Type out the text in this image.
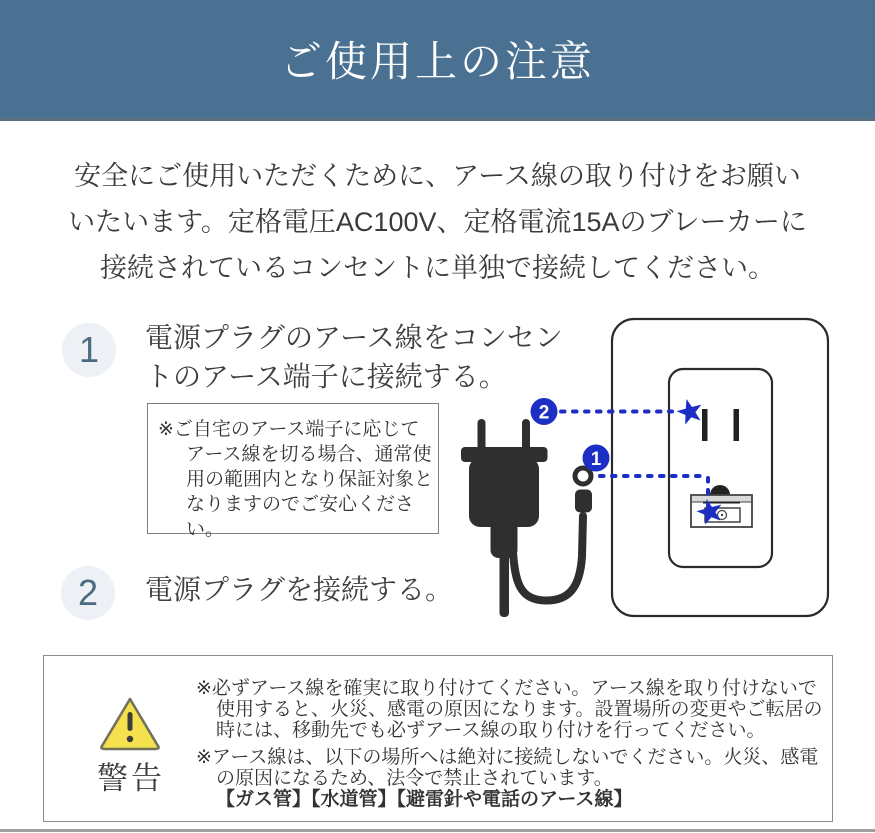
ご使用上の注意
安全にご使用いただくために、アース線の取り付けをお願い
いたいます。定格電圧AC100V、定格電流15Aのブレーカーに
接続されているコンセントに単独で接続してください。
1 電源プラグのアース線をコンセン
トのアース端子に接続する。
※ご自宅のアース端子に応じて
アース線を切る場合、通常使
用の範囲内となり保証対象と
なりますのでご安心ください。
2 電源プラグを接続する。
2
1
警告
※必ずアース線を確実に取り付けてください。アース線を取り付けないで
使用すると、火災、感電の原因になります。設置場所の変更やご転居の
時には、移動先でも必ずアース線の取り付けを行ってください。
※アース線は、以下の場所へは絶対に接続しないでください。火災、感電
の原因になるため、法令で禁止されています。
【ガス管】【水道管】【避雷針や電話のアース線】
